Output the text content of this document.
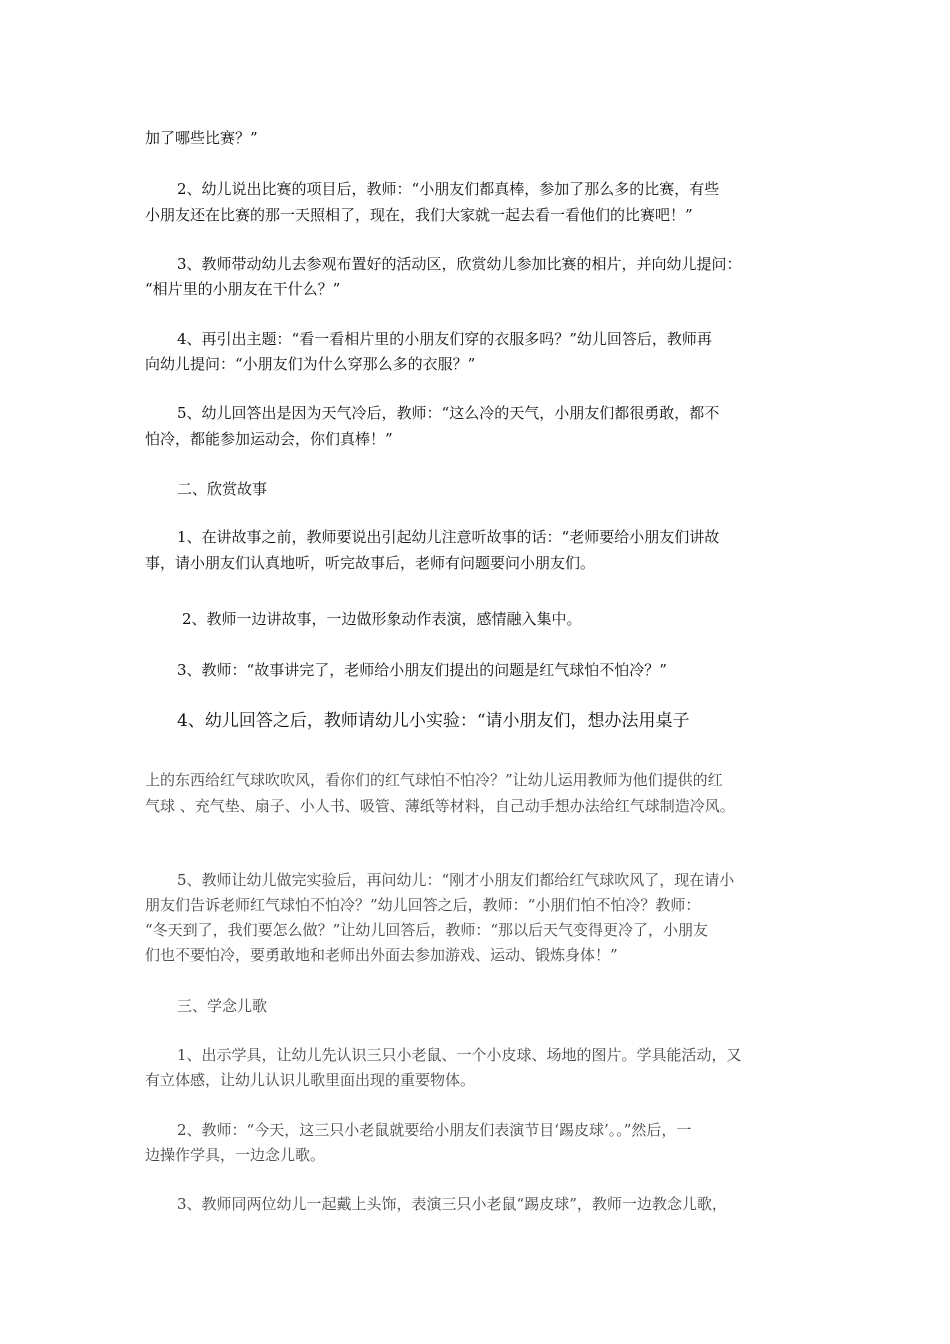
加了哪些比赛？”
2、幼儿说出比赛的项目后，教师：“小朋友们都真棒，参加了那么多的比赛，有些
小朋友还在比赛的那一天照相了，现在，我们大家就一起去看一看他们的比赛吧！”
3、教师带动幼儿去参观布置好的活动区，欣赏幼儿参加比赛的相片，并向幼儿提问：
“相片里的小朋友在干什么？”
4、再引出主题：“看一看相片里的小朋友们穿的衣服多吗？”幼儿回答后，教师再
向幼儿提问：“小朋友们为什么穿那么多的衣服？”
5、幼儿回答出是因为天气冷后，教师：“这么冷的天气，小朋友们都很勇敢，都不
怕冷，都能参加运动会，你们真棒！”
二、欣赏故事
1、在讲故事之前，教师要说出引起幼儿注意听故事的话：“老师要给小朋友们讲故
事，请小朋友们认真地听，听完故事后，老师有问题要问小朋友们。
2、教师一边讲故事，一边做形象动作表演，感情融入集中。
3、教师：“故事讲完了，老师给小朋友们提出的问题是红气球怕不怕冷？”
4、幼儿回答之后，教师请幼儿小实验：“请小朋友们，想办法用桌子
上的东西给红气球吹吹风，看你们的红气球怕不怕冷？”让幼儿运用教师为他们提供的红
气球 、充气垫、扇子、小人书、吸管、薄纸等材料，自己动手想办法给红气球制造冷风。
5、教师让幼儿做完实验后，再问幼儿：“刚才小朋友们都给红气球吹风了，现在请小
朋友们告诉老师红气球怕不怕冷？”幼儿回答之后，教师：“小朋们怕不怕冷？教师：
“冬天到了，我们要怎么做？”让幼儿回答后，教师：“那以后天气变得更冷了，小朋友
们也不要怕冷，要勇敢地和老师出外面去参加游戏、运动、锻炼身体！”
三、学念儿歌
1、出示学具，让幼儿先认识三只小老鼠、一个小皮球、场地的图片。学具能活动，又
有立体感，让幼儿认识儿歌里面出现的重要物体。
2、教师：“今天，这三只小老鼠就要给小朋友们表演节目‘踢皮球’。。”然后，一
边操作学具，一边念儿歌。
3、教师同两位幼儿一起戴上头饰，表演三只小老鼠“踢皮球”，教师一边教念儿歌，
